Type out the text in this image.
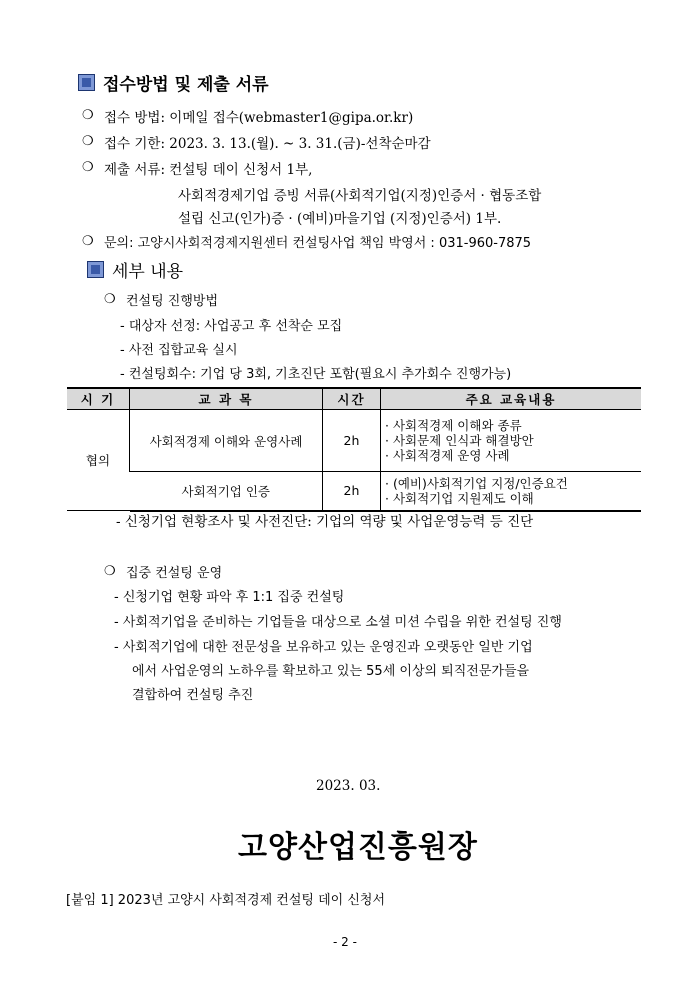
접수방법 및 제출 서류
❍ 접수 방법: 이메일 접수(webmaster1@gipa.or.kr)
❍ 접수 기한: 2023. 3. 13.(월). ~ 3. 31.(금)-선착순마감
❍ 제출 서류: 컨설팅 데이 신청서 1부,
사회적경제기업 증빙 서류(사회적기업(지정)인증서 · 협동조합
설립 신고(인가)증 · (예비)마을기업 (지정)인증서) 1부.
❍ 문의: 고양시사회적경제지원센터 컨설팅사업 책임 박영서 : 031-960-7875
세부 내용
❍ 컨설팅 진행방법
- 대상자 선정: 사업공고 후 선착순 모집
- 사전 집합교육 실시
- 컨설팅회수: 기업 당 3회, 기초진단 포함(필요시 추가회수 진행가능)
시 기	교 과 목	시간	주요 교육내용
협의	사회적경제 이해와 운영사례	2h	· 사회적경제 이해와 종류
· 사회문제 인식과 해결방안
· 사회적경제 운영 사례

	사회적기업 인증	2h	· (예비)사회적기업 지정/인증요건
· 사회적기업 지원제도 이해
- 신청기업 현황조사 및 사전진단: 기업의 역량 및 사업운영능력 등 진단
❍ 집중 컨설팅 운영
- 신청기업 현황 파악 후 1:1 집중 컨설팅
- 사회적기업을 준비하는 기업들을 대상으로 소셜 미션 수립을 위한 컨설팅 진행
- 사회적기업에 대한 전문성을 보유하고 있는 운영진과 오랫동안 일반 기업
에서 사업운영의 노하우를 확보하고 있는 55세 이상의 퇴직전문가들을
결합하여 컨설팅 추진
2023. 03.
고양산업진흥원장
[붙임 1] 2023년 고양시 사회적경제 컨설팅 데이 신청서
- 2 -
